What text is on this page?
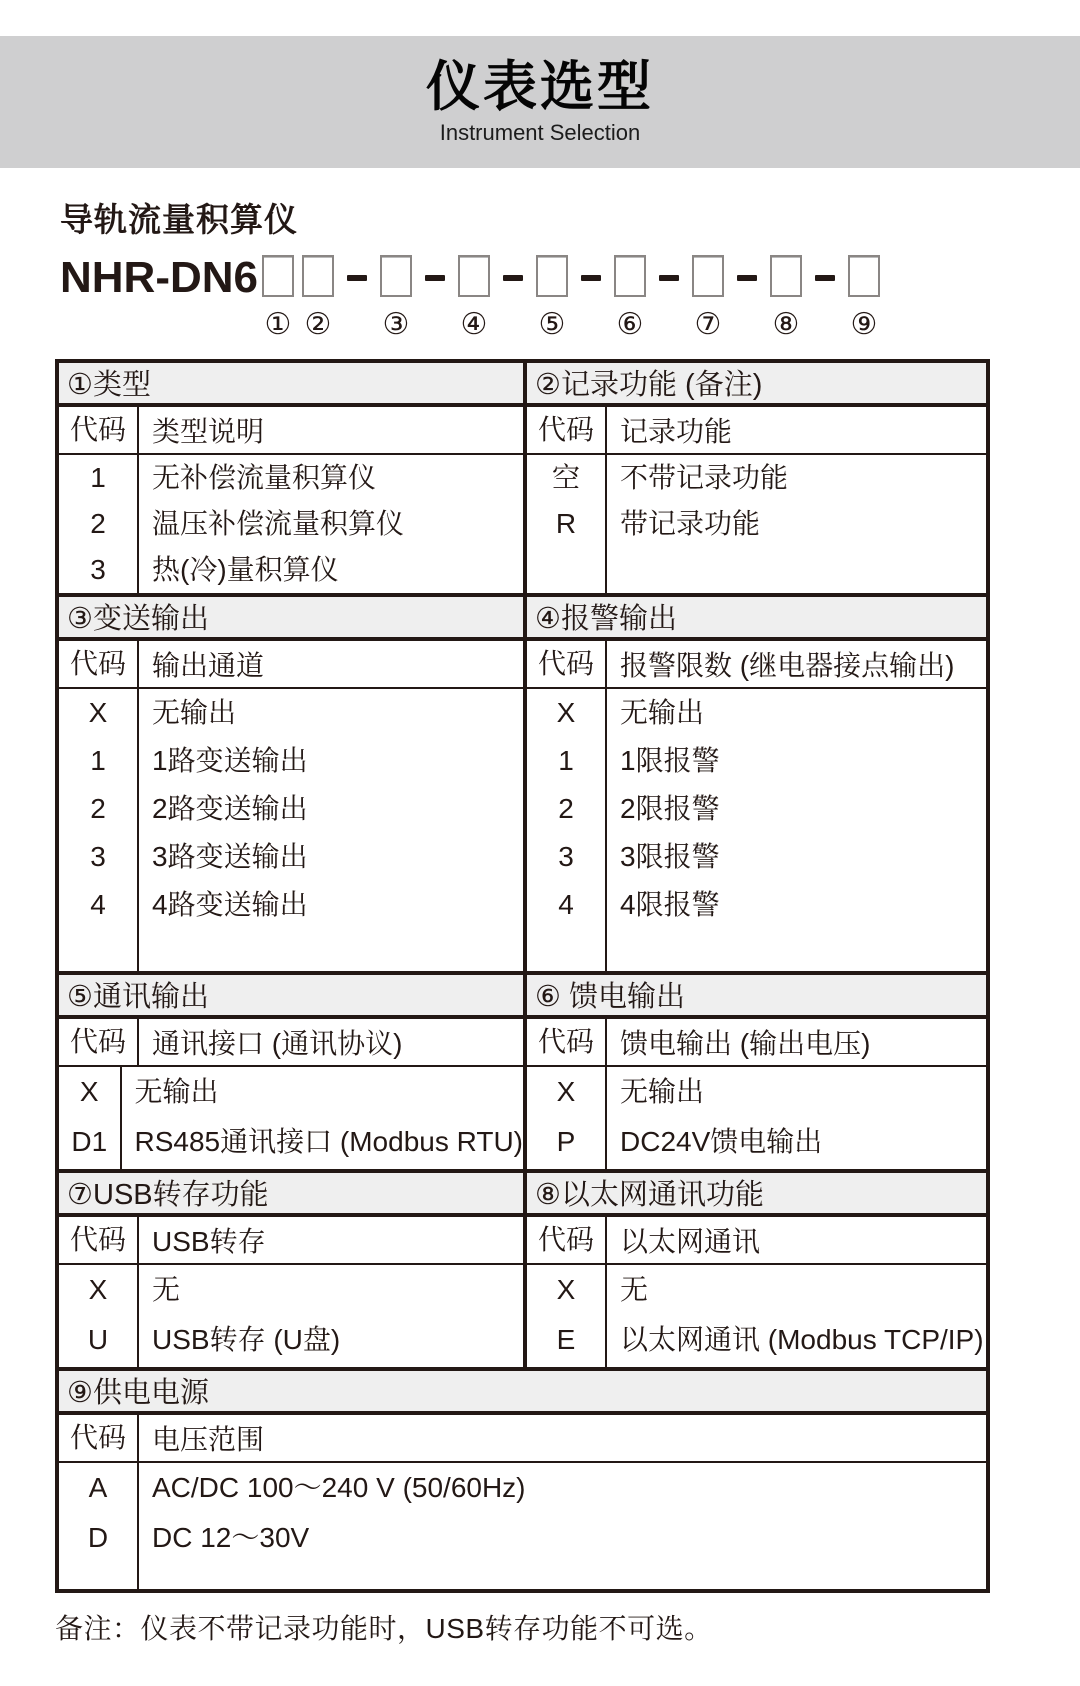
仪表选型
Instrument Selection
导轨流量积算仪
NHR-DN6
① ② ③ ④ ⑤ ⑥ ⑦ ⑧ ⑨
①类型
代码 类型说明
1
2
3
无补偿流量积算仪
温压补偿流量积算仪
热(冷)量积算仪
②记录功能 (备注)
代码 记录功能
空
R
不带记录功能
带记录功能
③变送输出
代码 输出通道
X
1
2
3
4
无输出
1路变送输出
2路变送输出
3路变送输出
4路变送输出
④报警输出
代码 报警限数 (继电器接点输出)
X
1
2
3
4
无输出
1限报警
2限报警
3限报警
4限报警
⑤通讯输出
代码 通讯接口 (通讯协议)
X
D1
无输出
RS485通讯接口 (Modbus RTU)
⑥ 馈电输出
代码 馈电输出 (输出电压)
X
P
无输出
DC24V馈电输出
⑦USB转存功能
代码 USB转存
X
U
无
USB转存 (U盘)
⑧以太网通讯功能
代码 以太网通讯
X
E
无
以太网通讯 (Modbus TCP/IP)
⑨供电电源
代码 电压范围
A
D
AC/DC 100～240 V (50/60Hz)
DC 12～30V
备注：仪表不带记录功能时，USB转存功能不可选。
